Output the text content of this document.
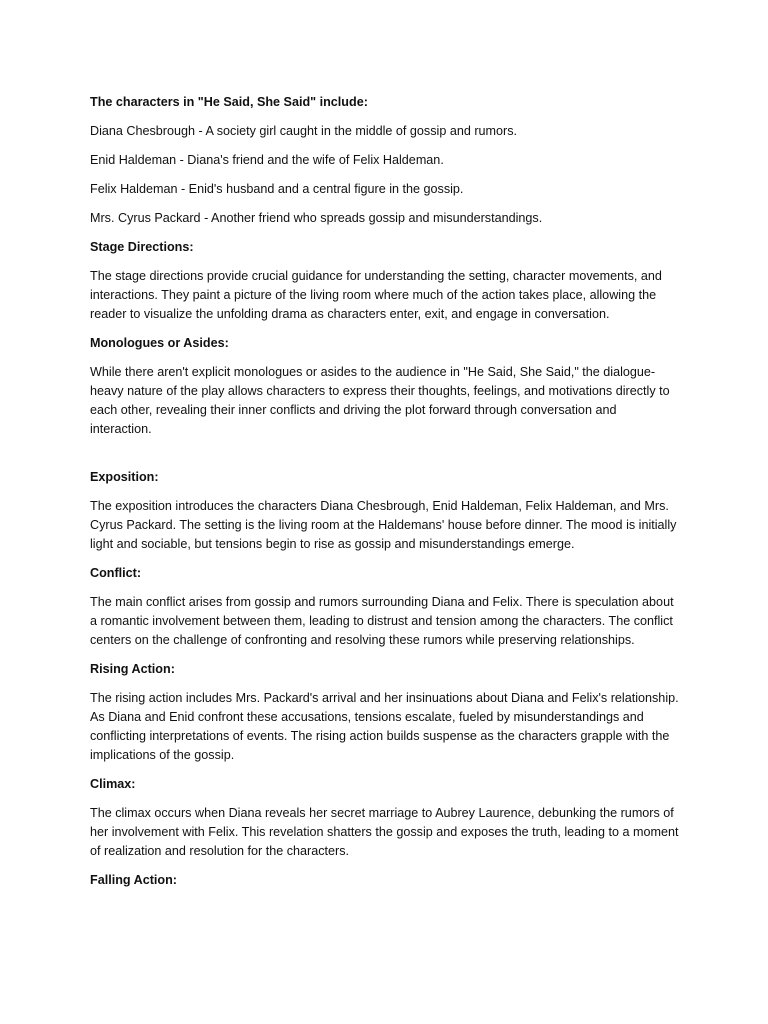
The characters in "He Said, She Said" include:

Diana Chesbrough - A society girl caught in the middle of gossip and rumors.

Enid Haldeman - Diana's friend and the wife of Felix Haldeman.

Felix Haldeman - Enid's husband and a central figure in the gossip.

Mrs. Cyrus Packard - Another friend who spreads gossip and misunderstandings.

Stage Directions:

The stage directions provide crucial guidance for understanding the setting, character movements, and interactions. They paint a picture of the living room where much of the action takes place, allowing the reader to visualize the unfolding drama as characters enter, exit, and engage in conversation.

Monologues or Asides:

While there aren't explicit monologues or asides to the audience in "He Said, She Said," the dialogue-heavy nature of the play allows characters to express their thoughts, feelings, and motivations directly to each other, revealing their inner conflicts and driving the plot forward through conversation and interaction.

Exposition:

The exposition introduces the characters Diana Chesbrough, Enid Haldeman, Felix Haldeman, and Mrs. Cyrus Packard. The setting is the living room at the Haldemans' house before dinner. The mood is initially light and sociable, but tensions begin to rise as gossip and misunderstandings emerge.

Conflict:

The main conflict arises from gossip and rumors surrounding Diana and Felix. There is speculation about a romantic involvement between them, leading to distrust and tension among the characters. The conflict centers on the challenge of confronting and resolving these rumors while preserving relationships.

Rising Action:

The rising action includes Mrs. Packard's arrival and her insinuations about Diana and Felix's relationship. As Diana and Enid confront these accusations, tensions escalate, fueled by misunderstandings and conflicting interpretations of events. The rising action builds suspense as the characters grapple with the implications of the gossip.

Climax:

The climax occurs when Diana reveals her secret marriage to Aubrey Laurence, debunking the rumors of her involvement with Felix. This revelation shatters the gossip and exposes the truth, leading to a moment of realization and resolution for the characters.

Falling Action:
